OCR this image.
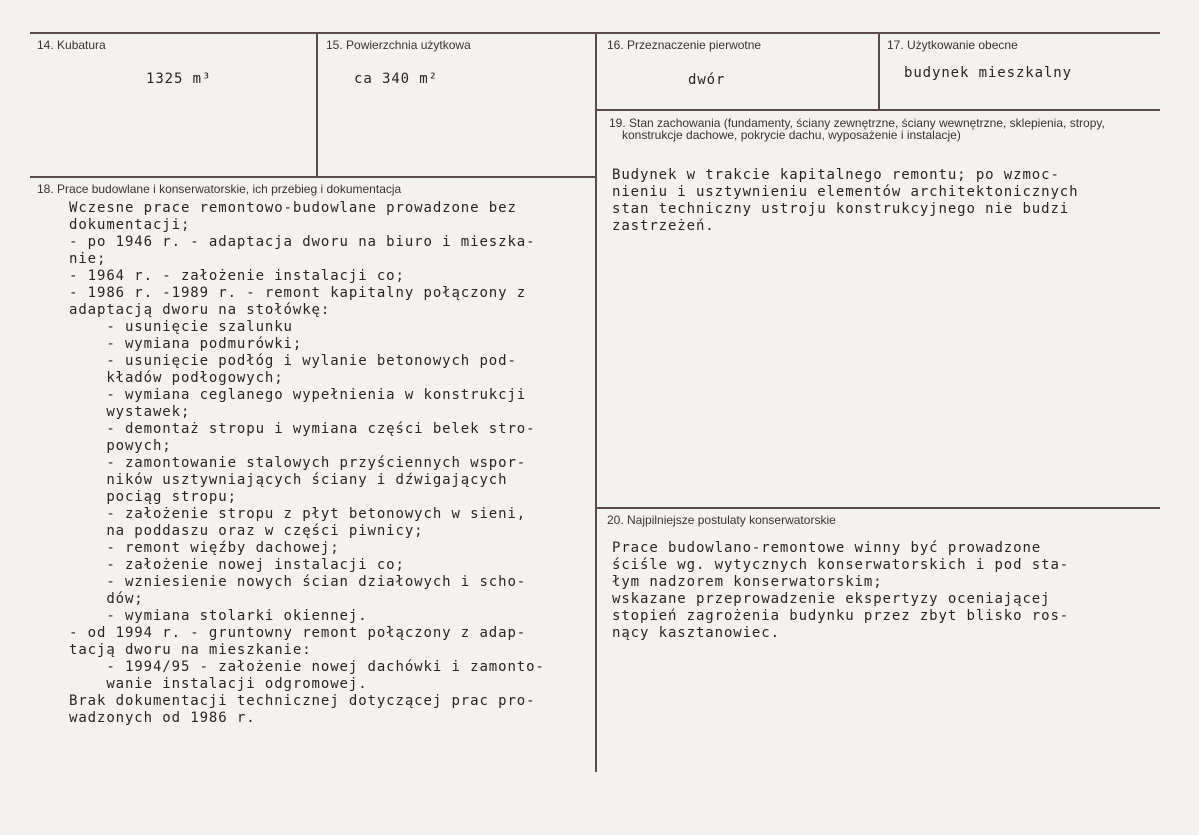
14. Kubatura
1325 m³
15. Powierzchnia użytkowa
ca 340 m²
16. Przeznaczenie pierwotne
dwór
17. Użytkowanie obecne
budynek mieszkalny
18. Prace budowlane i konserwatorskie, ich przebieg i dokumentacja
Wczesne prace remontowo-budowlane prowadzone bez
dokumentacji;
- po 1946 r. - adaptacja dworu na biuro i mieszka-
nie;
- 1964 r. - założenie instalacji co;
- 1986 r. -1989 r. - remont kapitalny połączony z
adaptacją dworu na stołówkę:
- usunięcie szalunku
- wymiana podmurówki;
- usunięcie podłóg i wylanie betonowych pod-
kładów podłogowych;
- wymiana ceglanego wypełnienia w konstrukcji
wystawek;
- demontaż stropu i wymiana części belek stro-
powych;
- zamontowanie stalowych przyściennych wspor-
ników usztywniających ściany i dźwigających
pociąg stropu;
- założenie stropu z płyt betonowych w sieni,
na poddaszu oraz w części piwnicy;
- remont więźby dachowej;
- założenie nowej instalacji co;
- wzniesienie nowych ścian działowych i scho-
dów;
- wymiana stolarki okiennej.
- od 1994 r. - gruntowny remont połączony z adap-
tacją dworu na mieszkanie:
- 1994/95 - założenie nowej dachówki i zamonto-
wanie instalacji odgromowej.
Brak dokumentacji technicznej dotyczącej prac pro-
wadzonych od 1986 r.
19. Stan zachowania (fundamenty, ściany zewnętrzne, ściany wewnętrzne, sklepienia, stropy,
konstrukcje dachowe, pokrycie dachu, wyposażenie i instalacje)
Budynek w trakcie kapitalnego remontu; po wzmoc-
nieniu i usztywnieniu elementów architektonicznych
stan techniczny ustroju konstrukcyjnego nie budzi
zastrzeżeń.
20. Najpilniejsze postulaty konserwatorskie
Prace budowlano-remontowe winny być prowadzone
ściśle wg. wytycznych konserwatorskich i pod sta-
łym nadzorem konserwatorskim;
wskazane przeprowadzenie ekspertyzy oceniającej
stopień zagrożenia budynku przez zbyt blisko ros-
nący kasztanowiec.
